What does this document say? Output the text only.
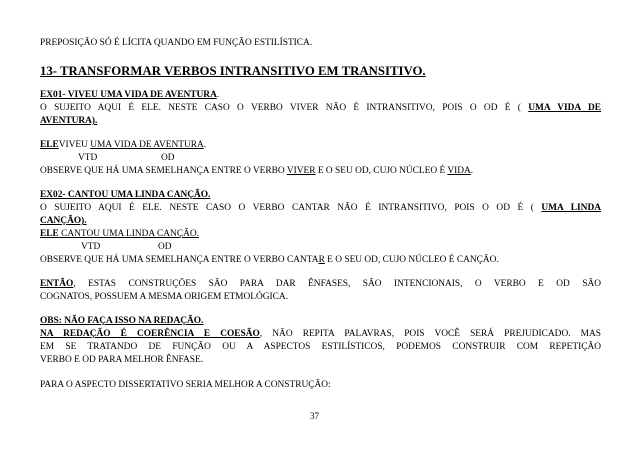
PREPOSIÇÃO SÓ É LÍCITA QUANDO EM FUNÇÃO ESTILÍSTICA.
13- TRANSFORMAR VERBOS INTRANSITIVO EM TRANSITIVO.
EX01- VIVEU UMA VIDA DE AVENTURA.
O SUJEITO AQUI É ELE. NESTE CASO O VERBO VIVER NÃO É INTRANSITIVO, POIS O OD É ( UMA VIDA DE
AVENTURA).
ELEVIVEU UMA VIDA DE AVENTURA.
VTD	OD
OBSERVE QUE HÁ UMA SEMELHANÇA ENTRE O VERBO VIVER E O SEU OD, CUJO NÚCLEO É VIDA.
EX02- CANTOU UMA LINDA CANÇÃO.
O SUJEITO AQUI É ELE. NESTE CASO O VERBO CANTAR NÃO É INTRANSITIVO, POIS O OD É ( UMA LINDA
CANÇÃO).
ELE CANTOU UMA LINDA CANÇÃO.
VTD	OD
OBSERVE QUE HÁ UMA SEMELHANÇA ENTRE O VERBO CANTAR E O SEU OD, CUJO NÚCLEO É CANÇÃO.
ENTÃO, ESTAS CONSTRUÇÕES SÃO PARA DAR ÊNFASES, SÃO INTENCIONAIS, O VERBO E OD SÃO
COGNATOS, POSSUEM A MESMA ORIGEM ETMOLÓGICA.
OBS: NÃO FAÇA ISSO NA REDAÇÃO.
NA REDAÇÃO É COERÊNCIA E COESÃO, NÃO REPITA PALAVRAS, POIS VOCÊ SERÁ PREJUDICADO. MAS
EM SE TRATANDO DE FUNÇÃO OU A ASPECTOS ESTILÍSTICOS, PODEMOS CONSTRUIR COM REPETIÇÃO
VERBO E OD PARA MELHOR ÊNFASE.
PARA O ASPECTO DISSERTATIVO SERIA MELHOR A CONSTRUÇÃO:
37
